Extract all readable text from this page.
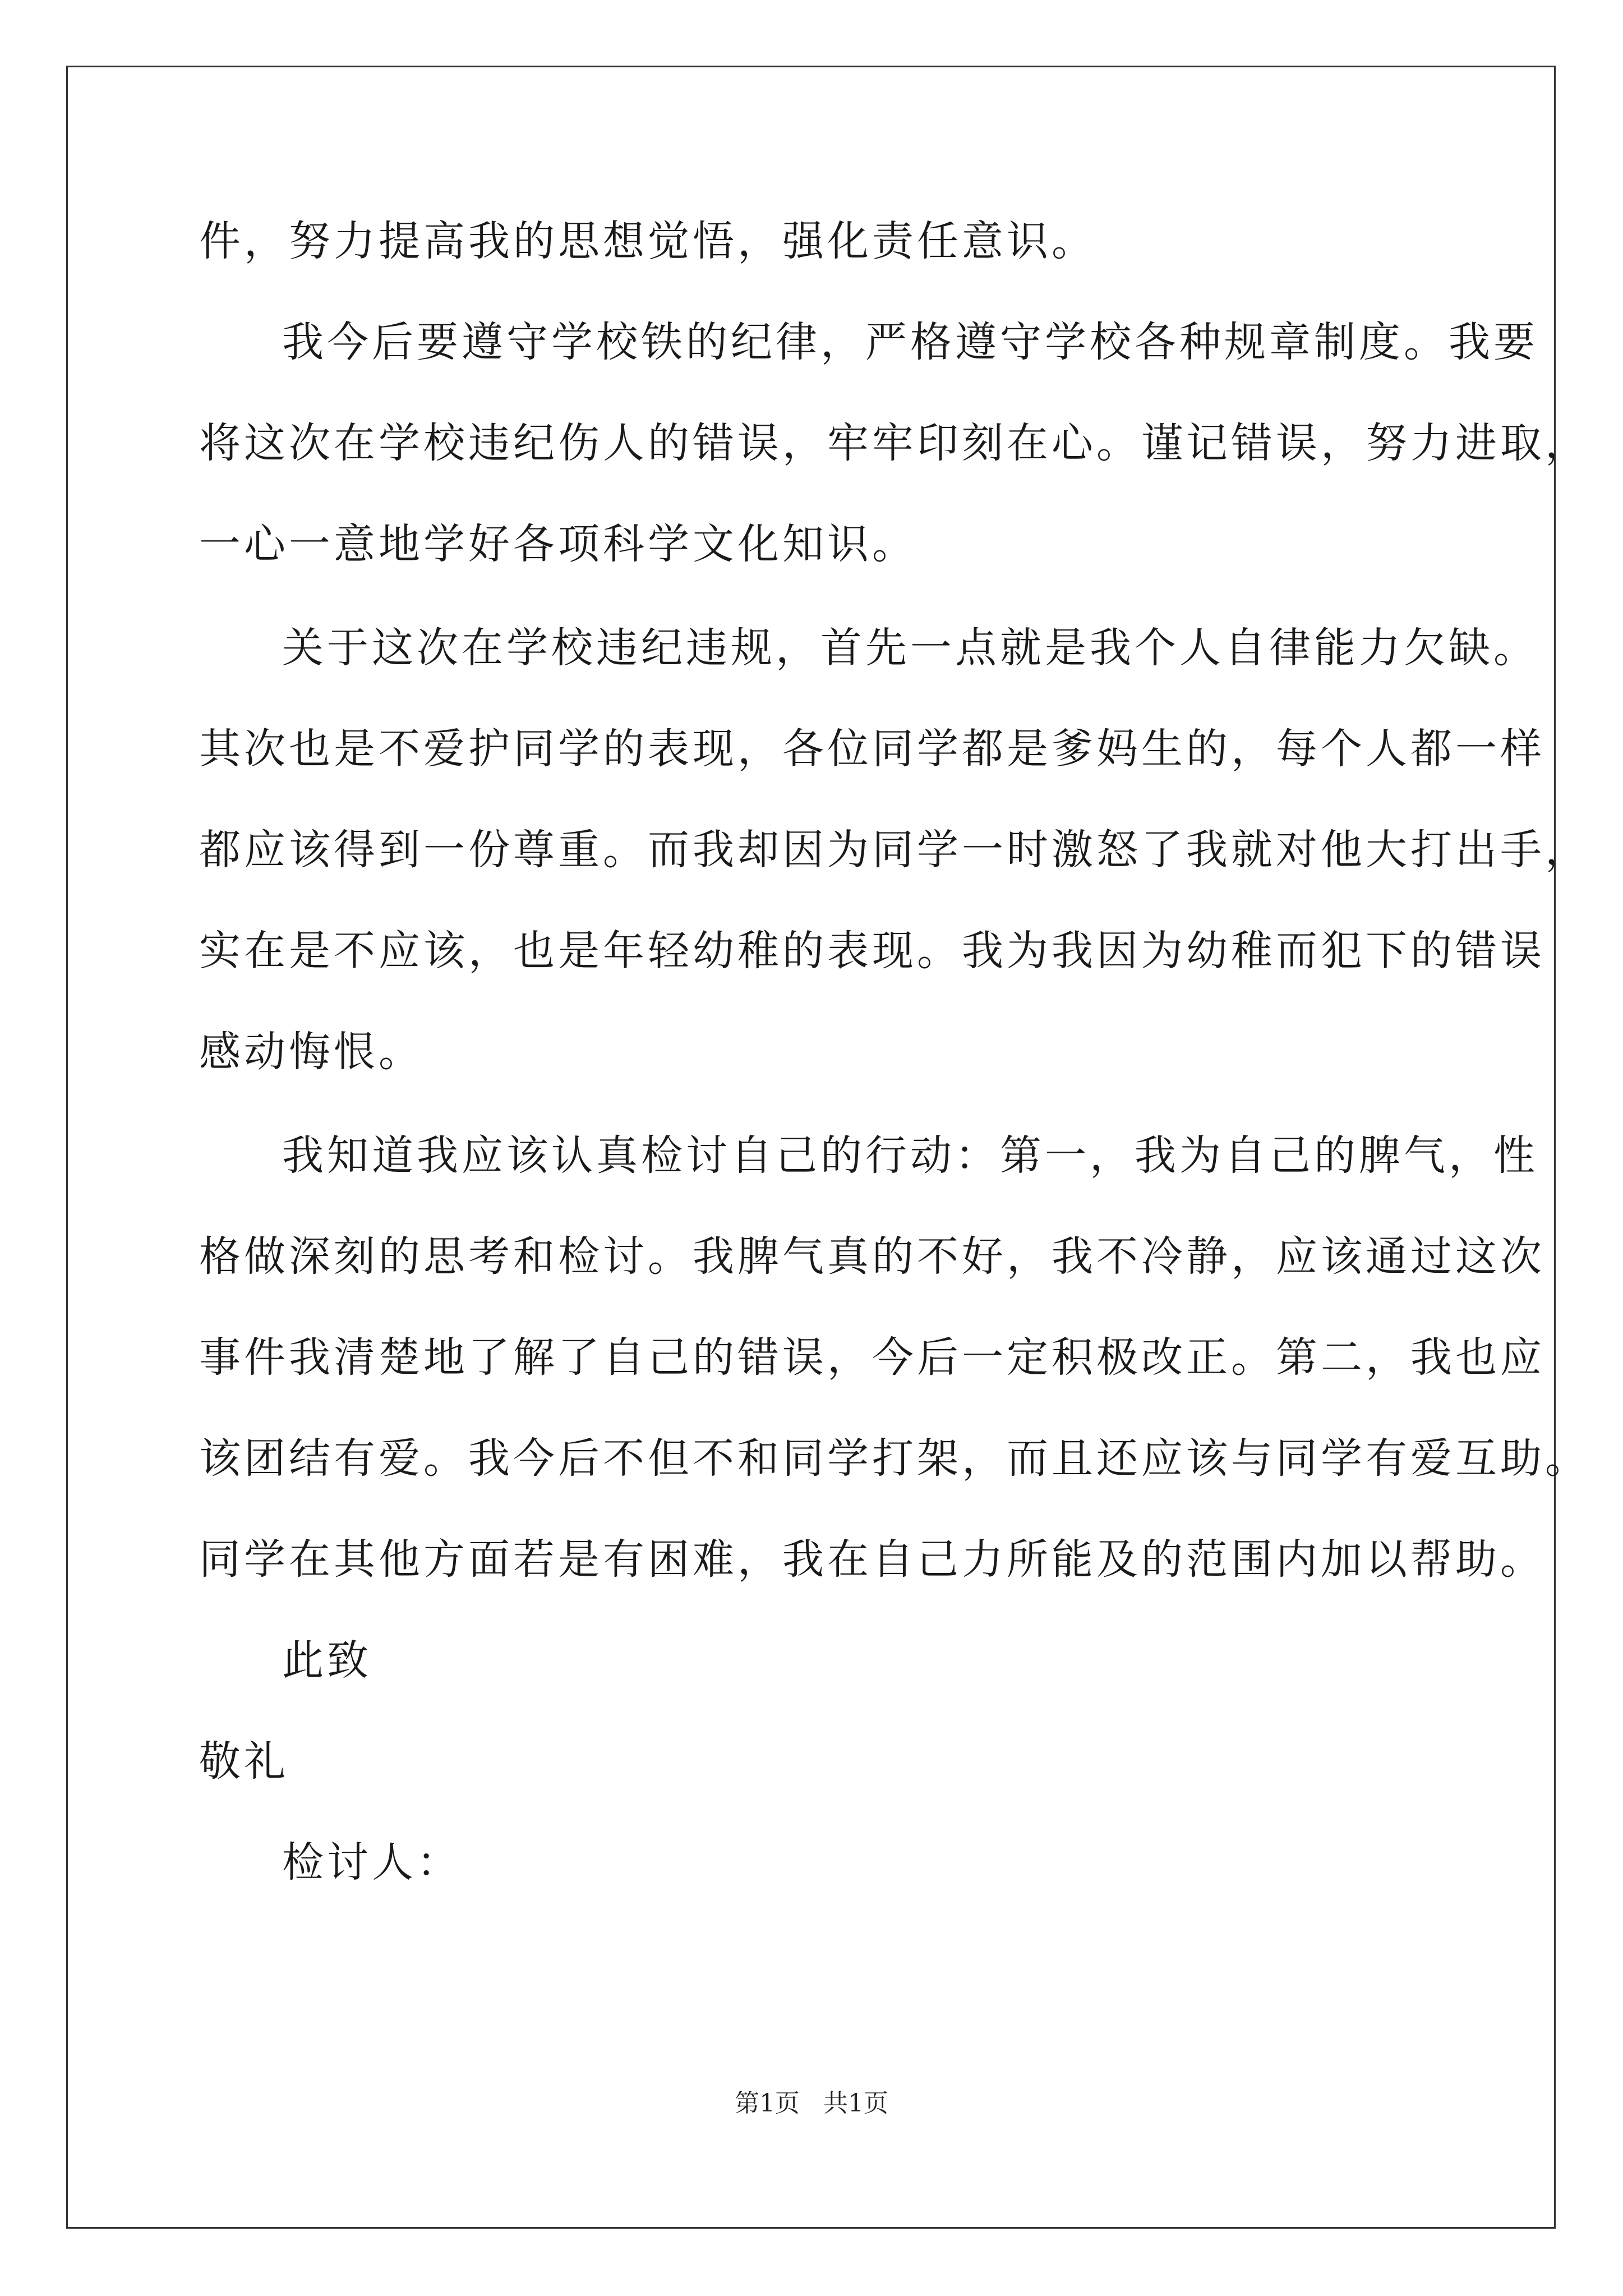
件，努力提高我的思想觉悟，强化责任意识。
我今后要遵守学校铁的纪律，严格遵守学校各种规章制度。我要
将这次在学校违纪伤人的错误，牢牢印刻在心。谨记错误，努力进取，
一心一意地学好各项科学文化知识。
关于这次在学校违纪违规，首先一点就是我个人自律能力欠缺。
其次也是不爱护同学的表现，各位同学都是爹妈生的，每个人都一样
都应该得到一份尊重。而我却因为同学一时激怒了我就对他大打出手，
实在是不应该，也是年轻幼稚的表现。我为我因为幼稚而犯下的错误
感动悔恨。
我知道我应该认真检讨自己的行动：第一，我为自己的脾气，性
格做深刻的思考和检讨。我脾气真的不好，我不冷静，应该通过这次
事件我清楚地了解了自己的错误，今后一定积极改正。第二，我也应
该团结有爱。我今后不但不和同学打架，而且还应该与同学有爱互助。
同学在其他方面若是有困难，我在自己力所能及的范围内加以帮助。
此致
敬礼
检讨人：
第1页   共1页
